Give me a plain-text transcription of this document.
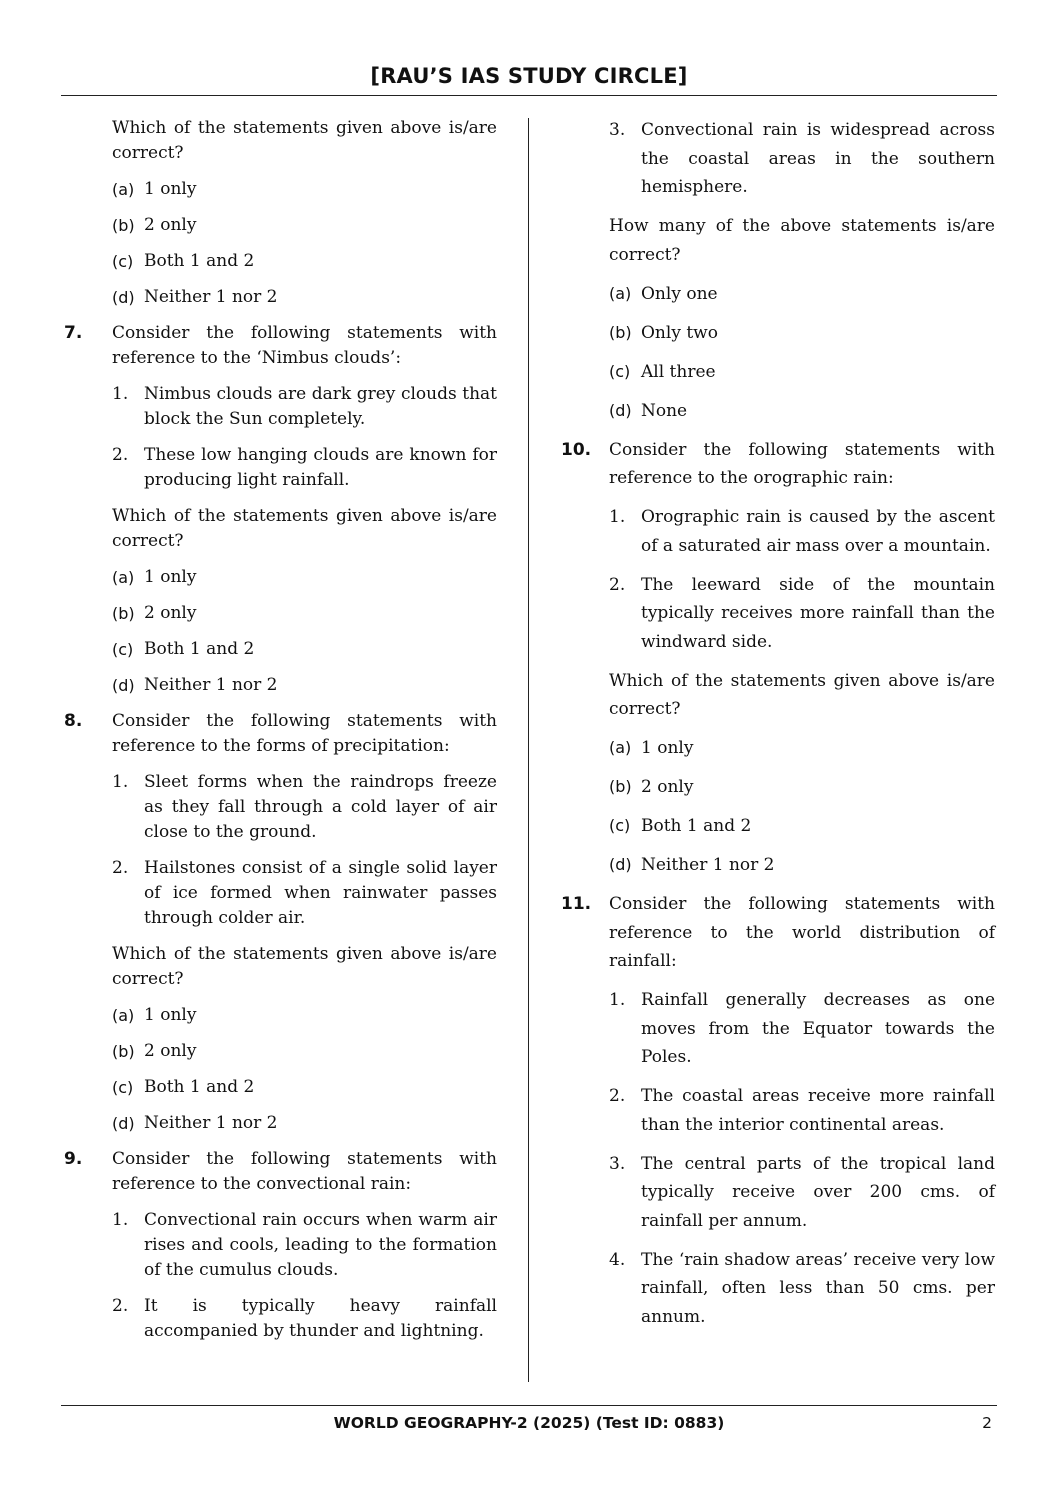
[RAU’S IAS STUDY CIRCLE]
Which of the statements given above is/are correct?
(a) 1 only
(b) 2 only
(c) Both 1 and 2
(d) Neither 1 nor 2
7. Consider the following statements with reference to the ‘Nimbus clouds’:
1. Nimbus clouds are dark grey clouds that block the Sun completely.
2. These low hanging clouds are known for producing light rainfall.
Which of the statements given above is/are correct?
(a) 1 only
(b) 2 only
(c) Both 1 and 2
(d) Neither 1 nor 2
8. Consider the following statements with reference to the forms of precipitation:
1. Sleet forms when the raindrops freeze as they fall through a cold layer of air close to the ground.
2. Hailstones consist of a single solid layer of ice formed when rainwater passes through colder air.
Which of the statements given above is/are correct?
(a) 1 only
(b) 2 only
(c) Both 1 and 2
(d) Neither 1 nor 2
9. Consider the following statements with reference to the convectional rain:
1. Convectional rain occurs when warm air rises and cools, leading to the formation of the cumulus clouds.
2. It is typically heavy rainfall accompanied by thunder and lightning.
3. Convectional rain is widespread across the coastal areas in the southern hemisphere.
How many of the above statements is/are correct?
(a) Only one
(b) Only two
(c) All three
(d) None
10. Consider the following statements with reference to the orographic rain:
1. Orographic rain is caused by the ascent of a saturated air mass over a mountain.
2. The leeward side of the mountain typically receives more rainfall than the windward side.
Which of the statements given above is/are correct?
(a) 1 only
(b) 2 only
(c) Both 1 and 2
(d) Neither 1 nor 2
11. Consider the following statements with reference to the world distribution of rainfall:
1. Rainfall generally decreases as one moves from the Equator towards the Poles.
2. The coastal areas receive more rainfall than the interior continental areas.
3. The central parts of the tropical land typically receive over 200 cms. of rainfall per annum.
4. The ‘rain shadow areas’ receive very low rainfall, often less than 50 cms. per annum.
WORLD GEOGRAPHY-2 (2025) (Test ID: 0883)	2
